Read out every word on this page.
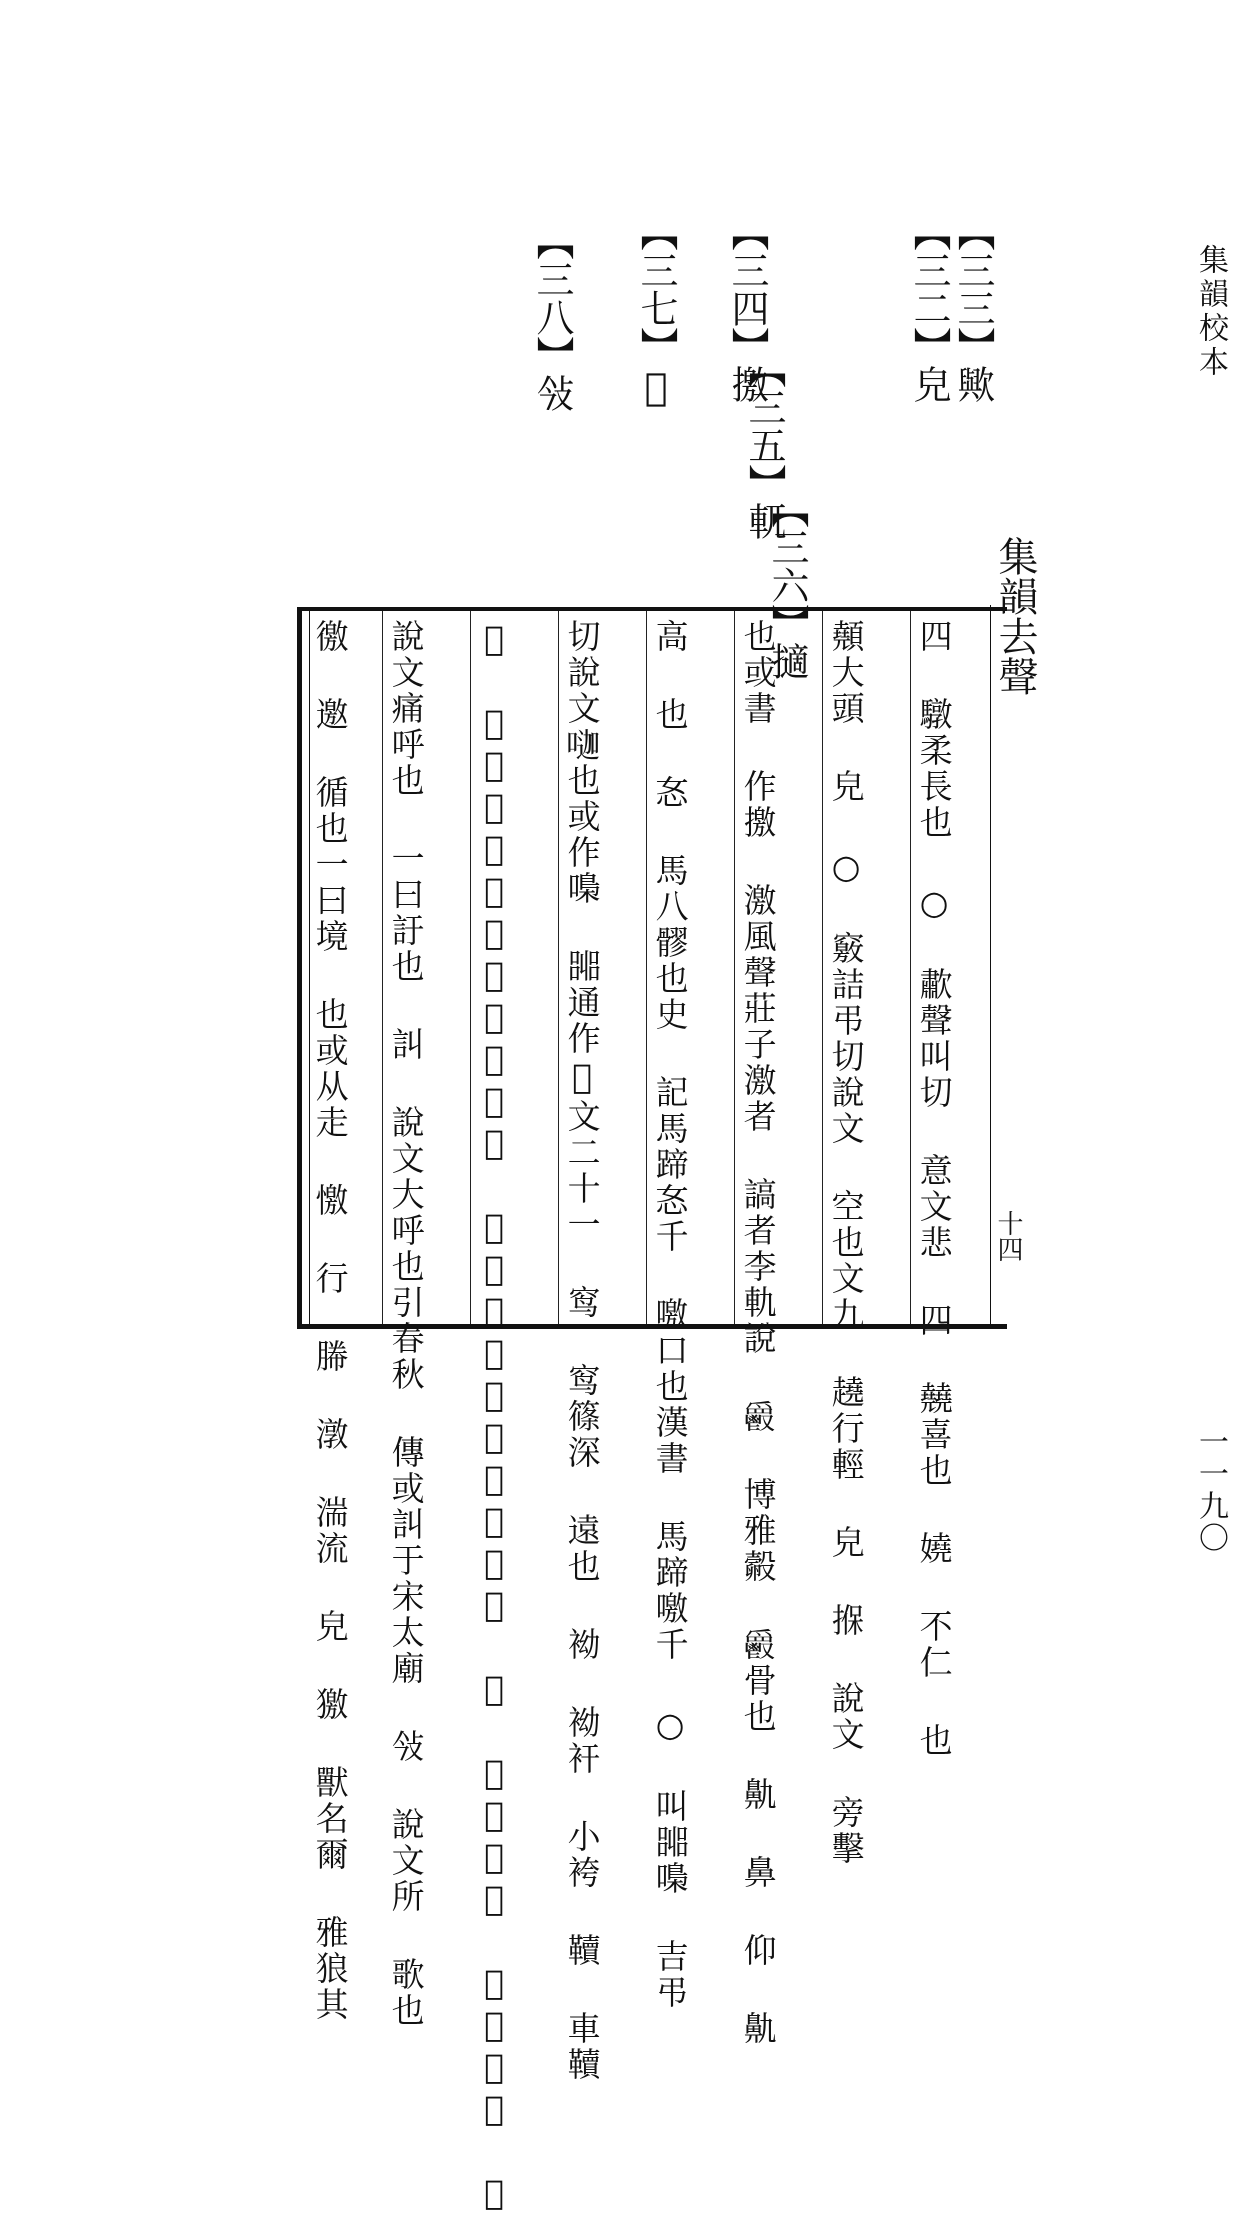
集韻校本
【三三】歟
【三二】皃
【三四】撽
【三五】軏
【三六】擿
【三七】𠱿
【三八】㪁
十四
集韻去聲
四 驐柔長也 ○ 歗聲叫切 意文悲 四 㚁喜也 嬈 不仁 也
顤大頭 皃 ○ 竅詰弔切說文 空也文九 趬行輕 皃 㨐 說文 旁擊
也或書 作撽 激風聲莊子激者 謞者李軌說 𩰥 博雅㲉 𩰥骨也 鼽 鼻 仰 鼽
高 也 㣽 馬八髎也史 記馬蹄㣽千 噭口也漢書 馬蹄噭千 ○ 叫嘂嘄 吉弔
切說文𠷉也或作嘄 嘂通作𠱿文二十一 窎 窎篠深 遠也 袎 袎衦 小袴 韇 車韇
𠱿 說文高聲也一曰大呼也引 春秋傳魯昭公𠱿然而哭 噭 說文吼也 一曰呼也 謷
說文痛呼也 一曰訏也 訆 說文大呼也引春秋 傳或訆于宋太廟 㪁 說文所 歌也
徼 邀 循也一曰境 也或从走 憿 行 幐 潡 湍流 皃 獥 獸名爾 雅狼其	一一九〇
